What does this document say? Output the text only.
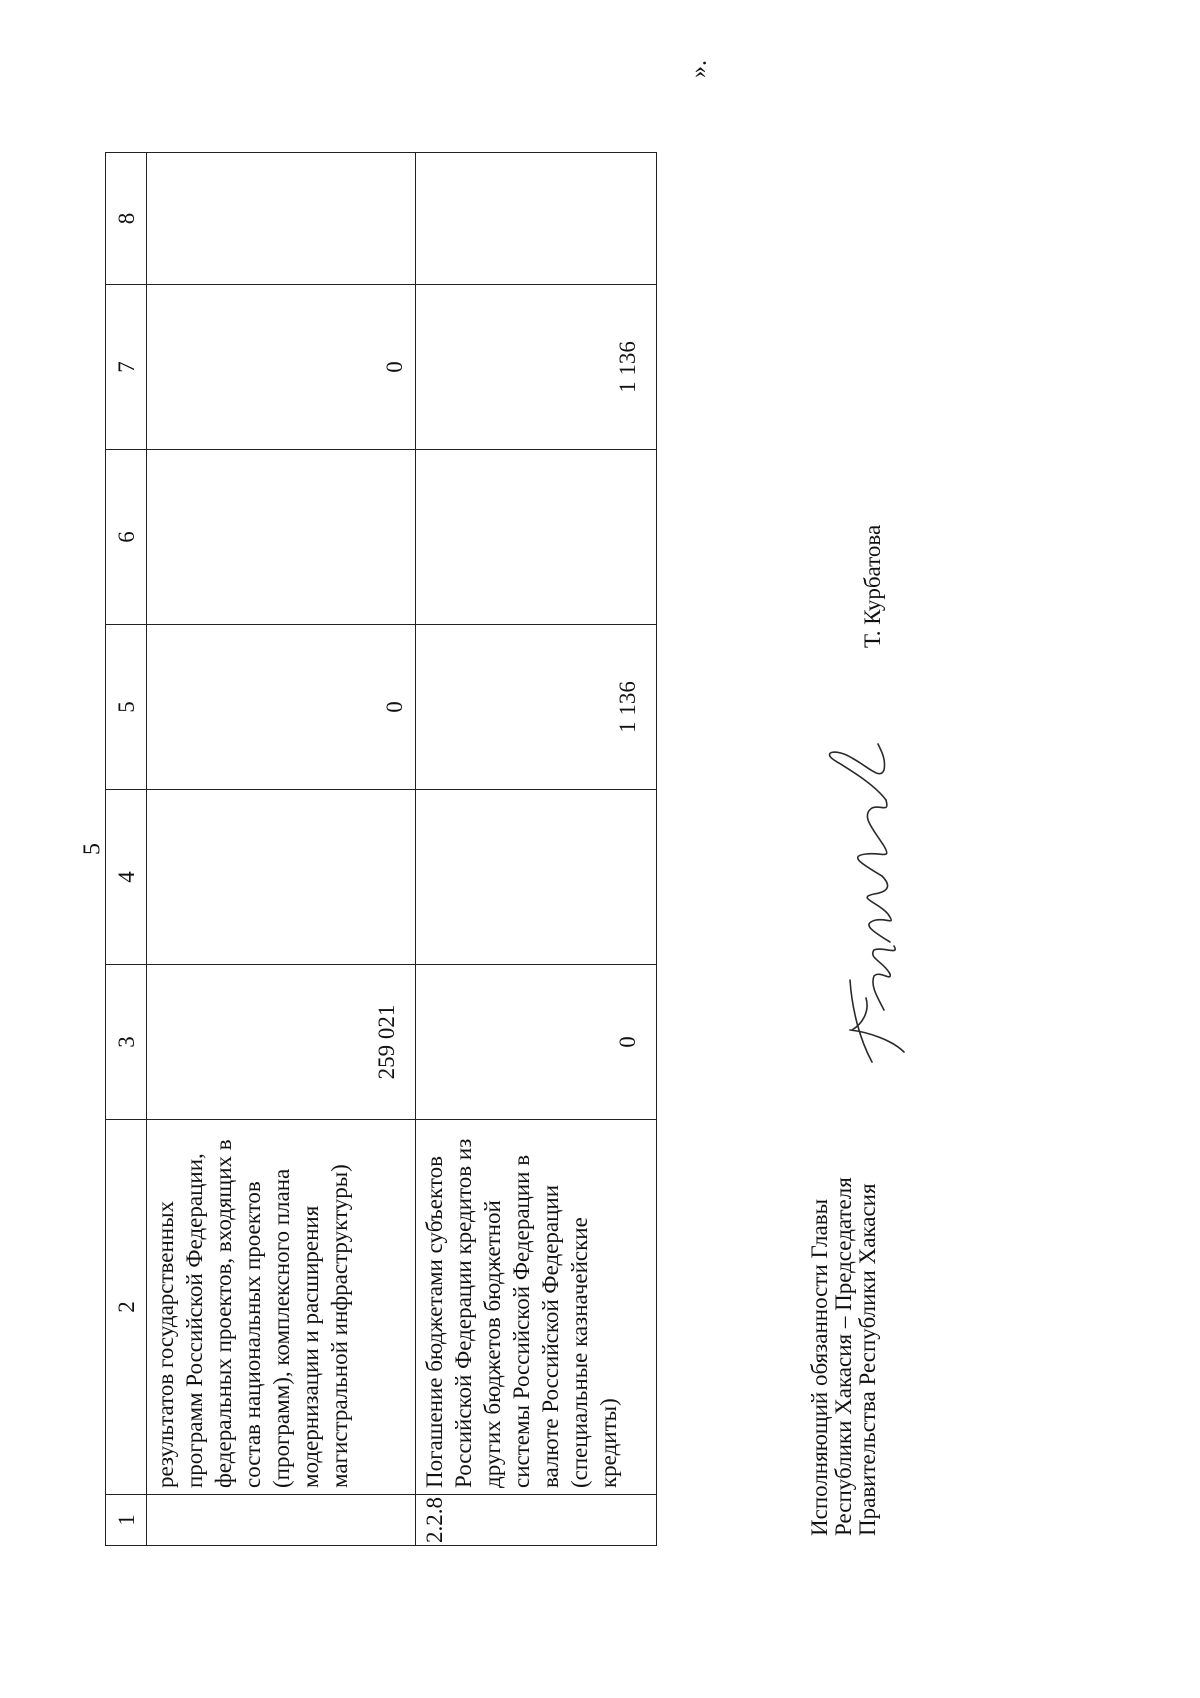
5
1	2	3	4	5	6	7	8
	результатов государственных программ Российской Федерации, федеральных проектов, входящих в состав национальных проектов (программ), комплексного плана модернизации и расширения магистральной инфраструктуры)	259 021		0		0	
2.2.8	Погашение бюджетами субъектов Российской Федерации кредитов из других бюджетов бюджетной системы Российской Федерации в валюте Российской Федерации (специальные казначейские кредиты)	0		1 136		1 136	
».
Исполняющий обязанности Главы Республики Хакасия – Председателя Правительства Республики Хакасия
Т. Курбатова
